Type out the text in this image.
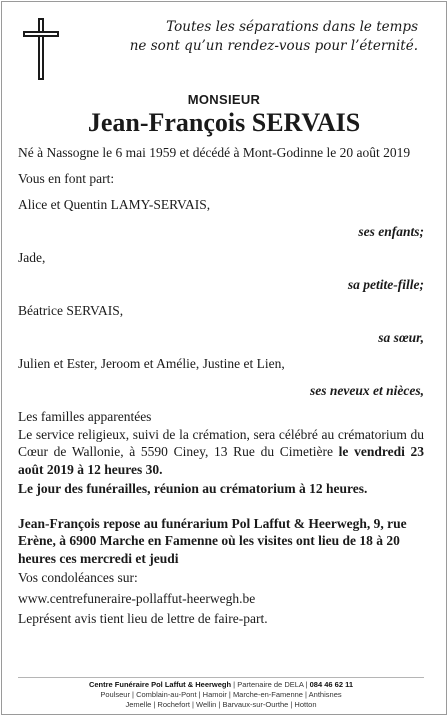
Toutes les séparations dans le temps
ne sont qu’un rendez-vous pour l’éternité.
MONSIEUR
Jean-François SERVAIS

Né à Nassogne le 6 mai 1959 et décédé à Mont-Godinne le 20 août 2019

Vous en font part:

Alice et Quentin LAMY-SERVAIS,

ses enfants;

Jade,

sa petite-fille;

Béatrice SERVAIS,

sa sœur,

Julien et Ester, Jeroom et Amélie, Justine et Lien,

ses neveux et nièces,

Les familles apparentées

Le service religieux, suivi de la crémation, sera célébré au crématorium du Cœur de Wallonie, à 5590 Ciney, 13 Rue du Cimetière le vendredi 23 août 2019 à 12 heures 30.

Le jour des funérailles, réunion au crématorium à 12 heures.

Jean-François repose au funérarium Pol Laffut & Heerwegh, 9, rue Erène, à 6900 Marche en Famenne où les visites ont lieu de 18 à 20 heures ces mercredi et jeudi

Vos condoléances sur:

www.centrefuneraire-pollaffut-heerwegh.be

Leprésent avis tient lieu de lettre de faire-part.

Centre Funéraire Pol Laffut & Heerwegh | Partenaire de DELA | 084 46 62 11
Poulseur | Comblain-au-Pont | Hamoir | Marche-en-Famenne | Anthisnes
Jemelle | Rochefort | Wellin | Barvaux-sur-Ourthe | Hotton
